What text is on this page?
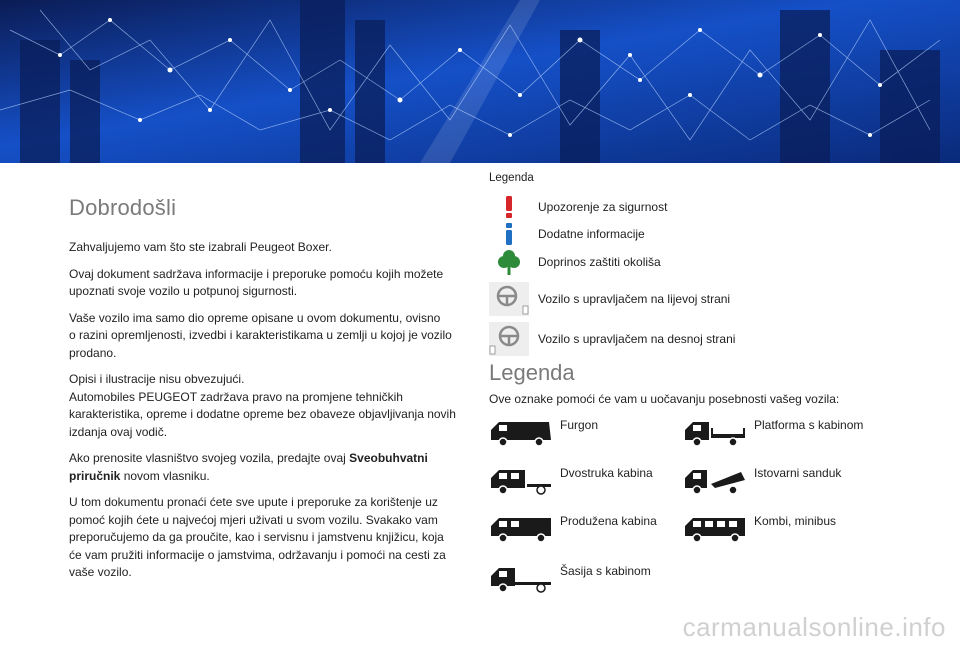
Dobrodošli

Zahvaljujemo vam što ste izabrali Peugeot Boxer.

Ovaj dokument sadržava informacije i preporuke pomoću kojih možete upoznati svoje vozilo u potpunoj sigurnosti.

Vaše vozilo ima samo dio opreme opisane u ovom dokumentu, ovisno
o razini opremljenosti, izvedbi i karakteristikama u zemlji u kojoj je vozilo prodano.

Opisi i ilustracije nisu obvezujući.
Automobiles PEUGEOT zadržava pravo na promjene tehničkih karakteristika, opreme i dodatne opreme bez obaveze objavljivanja novih izdanja ovaj vodič.

Ako prenosite vlasništvo svojeg vozila, predajte ovaj Sveobuhvatni priručnik novom vlasniku.

U tom dokumentu pronaći ćete sve upute i preporuke za korištenje uz pomoć kojih ćete u najvećoj mjeri uživati u svom vozilu. Svakako vam preporučujemo da ga proučite, kao i servisnu i jamstvenu knjižicu, koja će vam pružiti informacije o jamstvima, održavanju i pomoći na cesti za vaše vozilo.

Legenda
Upozorenje za sigurnost
Dodatne informacije
Doprinos zaštiti okoliša
Vozilo s upravljačem na lijevoj strani
Vozilo s upravljačem na desnoj strani
Legenda
Ove oznake pomoći će vam u uočavanju posebnosti vašeg vozila:
Furgon	Platforma s kabinom
Dvostruka kabina	Istovarni sanduk
Produžena kabina	Kombi, minibus
Šasija s kabinom
carmanualsonline.info
